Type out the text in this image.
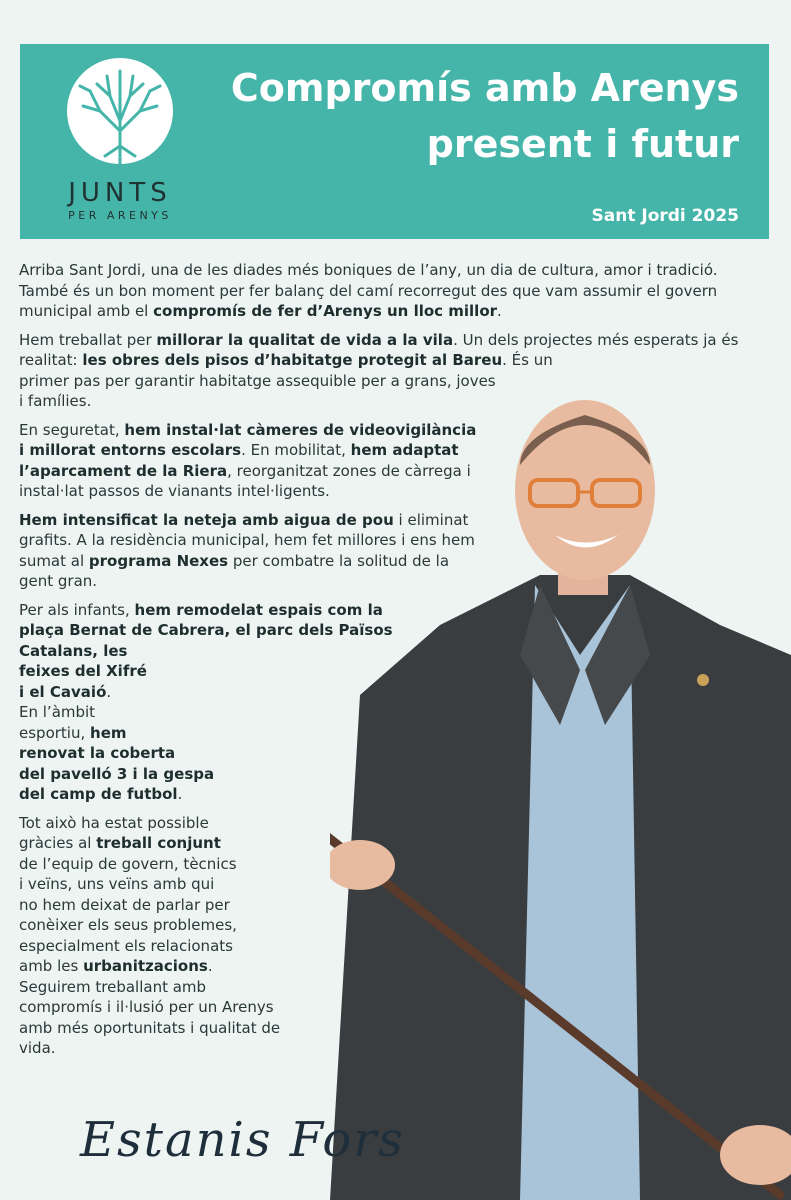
JUNTS
PER ARENYS
Compromís amb Arenys
present i futur
Sant Jordi 2025

Arriba Sant Jordi, una de les diades més boniques de l’any, un dia de cultura, amor i tradició. També és un bon moment per fer balanç del camí recorregut des que vam assumir el govern municipal amb el compromís de fer d’Arenys un lloc millor.

Hem treballat per millorar la qualitat de vida a la vila. Un dels projectes més esperats ja és realitat: les obres dels pisos d’habitatge protegit al Bareu. És un
primer pas per garantir habitatge assequible per a grans, joves
i famílies.

En seguretat, hem instal·lat càmeres de videovigilància
i millorat entorns escolars. En mobilitat, hem adaptat
l’aparcament de la Riera, reorganitzat zones de càrrega i
instal·lat passos de vianants intel·ligents.

Hem intensificat la neteja amb aigua de pou i eliminat
grafits. A la residència municipal, hem fet millores i ens hem
sumat al programa Nexes per combatre la solitud de la
gent gran.

Per als infants, hem remodelat espais com la
plaça Bernat de Cabrera, el parc dels Països
Catalans, les
feixes del Xifré
i el Cavaió.
En l’àmbit
esportiu, hem
renovat la coberta
del pavelló 3 i la gespa
del camp de futbol.

Tot això ha estat possible
gràcies al treball conjunt
de l’equip de govern, tècnics
i veïns, uns veïns amb qui
no hem deixat de parlar per
conèixer els seus problemes,
especialment els relacionats
amb les urbanitzacions.
Seguirem treballant amb
compromís i il·lusió per un Arenys
amb més oportunitats i qualitat de
vida.

Estanis Fors
